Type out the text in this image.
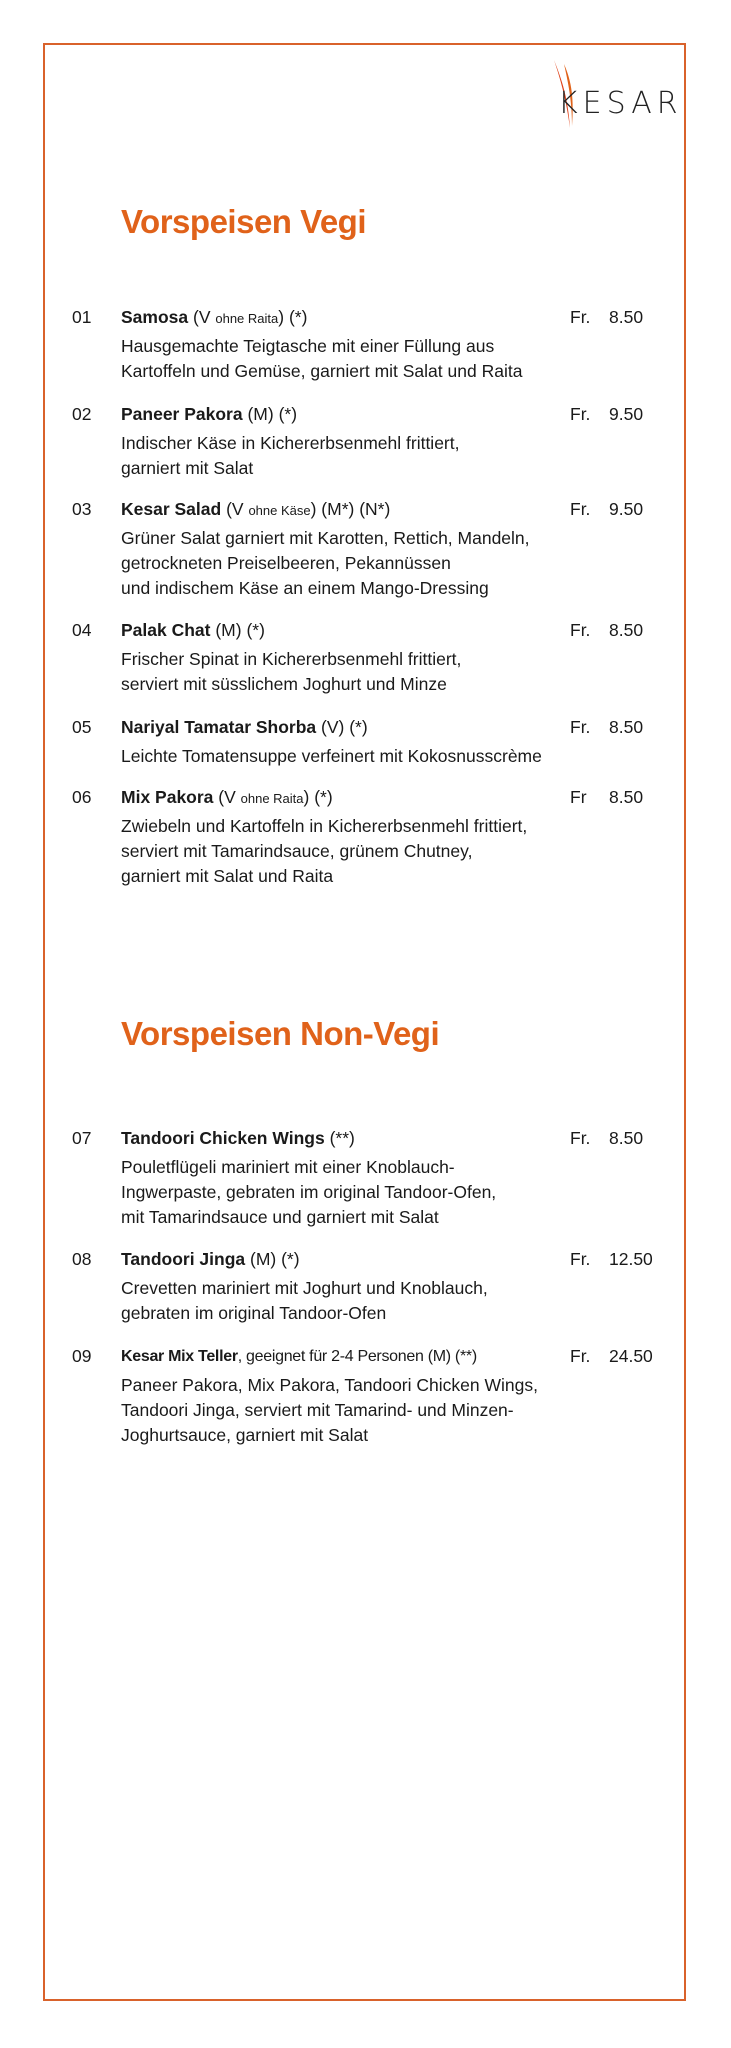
KESAR
Vorspeisen Vegi
01 Samosa (V ohne Raita) (*)	Fr. 8.50
Hausgemachte Teigtasche mit einer Füllung aus
Kartoffeln und Gemüse, garniert mit Salat und Raita
02 Paneer Pakora (M) (*)	Fr. 9.50
Indischer Käse in Kichererbsenmehl frittiert,
garniert mit Salat
03 Kesar Salad (V ohne Käse) (M*) (N*)	Fr. 9.50
Grüner Salat garniert mit Karotten, Rettich, Mandeln,
getrockneten Preiselbeeren, Pekannüssen
und indischem Käse an einem Mango-Dressing
04 Palak Chat (M) (*)	Fr. 8.50
Frischer Spinat in Kichererbsenmehl frittiert,
serviert mit süsslichem Joghurt und Minze
05 Nariyal Tamatar Shorba (V) (*)	Fr. 8.50
Leichte Tomatensuppe verfeinert mit Kokosnusscrème
06 Mix Pakora (V ohne Raita) (*)	Fr 8.50
Zwiebeln und Kartoffeln in Kichererbsenmehl frittiert,
serviert mit Tamarindsauce, grünem Chutney,
garniert mit Salat und Raita
Vorspeisen Non-Vegi
07 Tandoori Chicken Wings (**)	Fr. 8.50
Pouletflügeli mariniert mit einer Knoblauch-
Ingwerpaste, gebraten im original Tandoor-Ofen,
mit Tamarindsauce und garniert mit Salat
08 Tandoori Jinga (M) (*)	Fr. 12.50
Crevetten mariniert mit Joghurt und Knoblauch,
gebraten im original Tandoor-Ofen
09 Kesar Mix Teller, geeignet für 2-4 Personen (M) (**)	Fr. 24.50
Paneer Pakora, Mix Pakora, Tandoori Chicken Wings,
Tandoori Jinga, serviert mit Tamarind- und Minzen-
Joghurtsauce, garniert mit Salat
